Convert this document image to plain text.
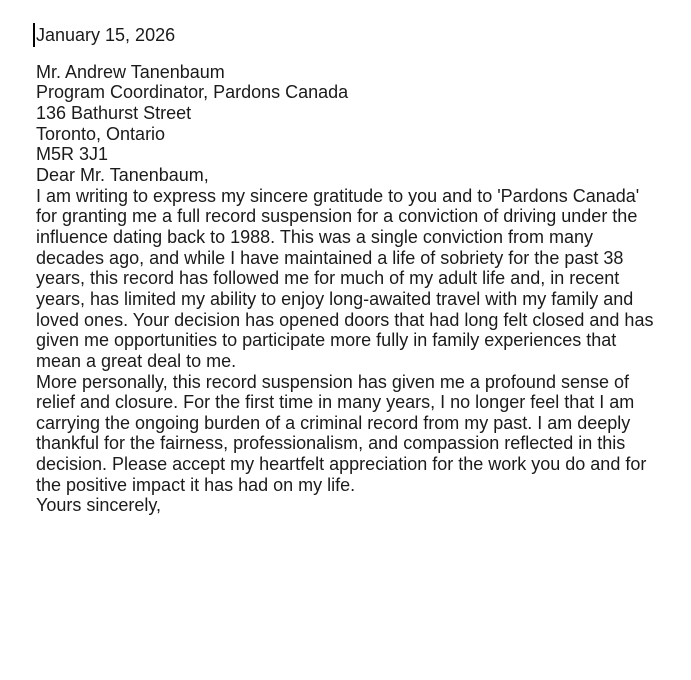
January 15, 2026

Mr. Andrew Tanenbaum

Program Coordinator, Pardons Canada

136 Bathurst Street

Toronto, Ontario

M5R 3J1

Dear Mr. Tanenbaum,

I am writing to express my sincere gratitude to you and to 'Pardons Canada' for granting me a full record suspension for a conviction of driving under the influence dating back to 1988. This was a single conviction from many decades ago, and while I have maintained a life of sobriety for the past 38 years, this record has followed me for much of my adult life and, in recent years, has limited my ability to enjoy long-awaited travel with my family and loved ones. Your decision has opened doors that had long felt closed and has given me opportunities to participate more fully in family experiences that mean a great deal to me.

More personally, this record suspension has given me a profound sense of relief and closure. For the first time in many years, I no longer feel that I am carrying the ongoing burden of a criminal record from my past. I am deeply thankful for the fairness, professionalism, and compassion reflected in this decision. Please accept my heartfelt appreciation for the work you do and for the positive impact it has had on my life.

Yours sincerely,
